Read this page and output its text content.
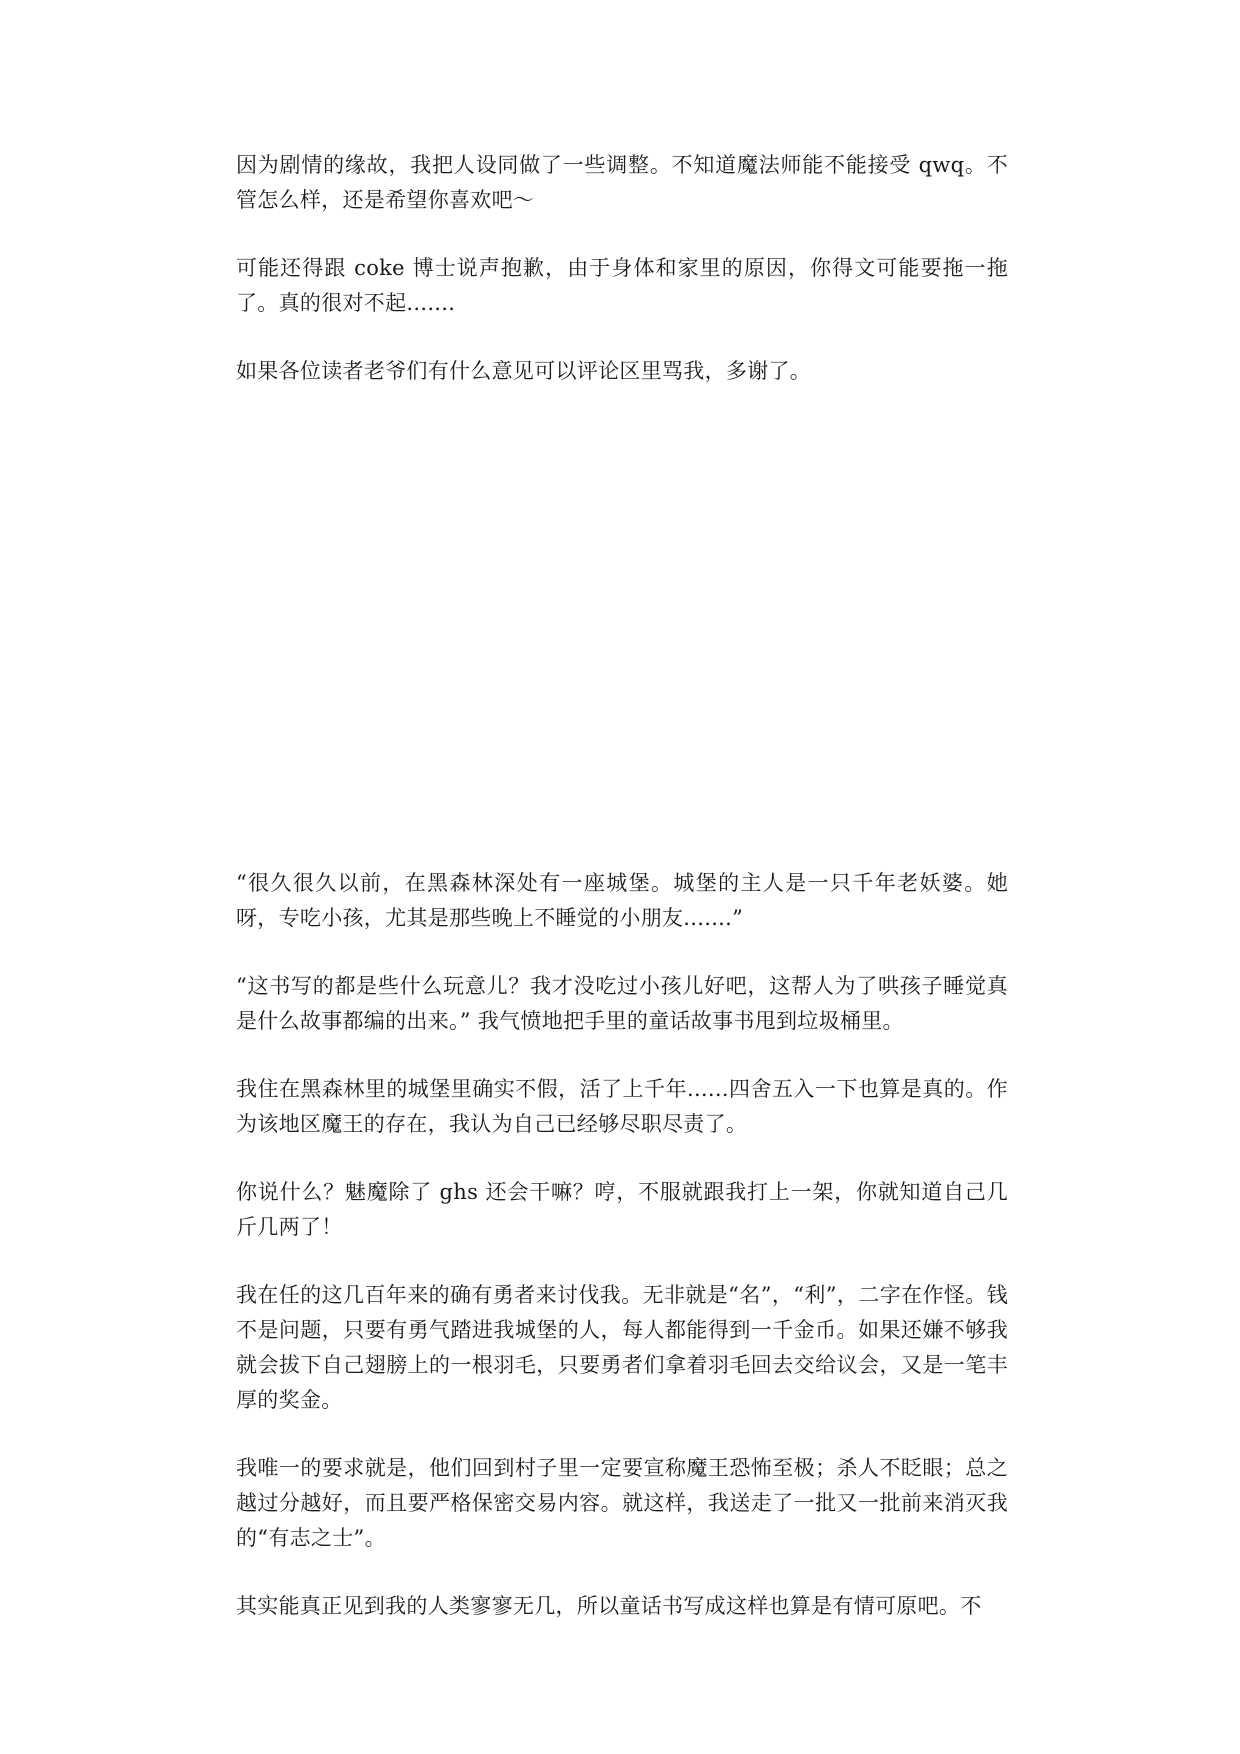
因为剧情的缘故，我把人设同做了一些调整。不知道魔法师能不能接受 qwq。不管怎么样，还是希望你喜欢吧～

可能还得跟 coke 博士说声抱歉，由于身体和家里的原因，你得文可能要拖一拖了。真的很对不起.......

如果各位读者老爷们有什么意见可以评论区里骂我，多谢了。

“很久很久以前，在黑森林深处有一座城堡。城堡的主人是一只千年老妖婆。她呀，专吃小孩，尤其是那些晚上不睡觉的小朋友.......”

“这书写的都是些什么玩意儿？我才没吃过小孩儿好吧，这帮人为了哄孩子睡觉真是什么故事都编的出来。” 我气愤地把手里的童话故事书甩到垃圾桶里。

我住在黑森林里的城堡里确实不假，活了上千年......四舍五入一下也算是真的。作为该地区魔王的存在，我认为自己已经够尽职尽责了。

你说什么？魅魔除了 ghs 还会干嘛？哼，不服就跟我打上一架，你就知道自己几斤几两了！

我在任的这几百年来的确有勇者来讨伐我。无非就是“名”，“利”，二字在作怪。钱不是问题，只要有勇气踏进我城堡的人，每人都能得到一千金币。如果还嫌不够我就会拔下自己翅膀上的一根羽毛，只要勇者们拿着羽毛回去交给议会，又是一笔丰厚的奖金。

我唯一的要求就是，他们回到村子里一定要宣称魔王恐怖至极；杀人不眨眼；总之越过分越好，而且要严格保密交易内容。就这样，我送走了一批又一批前来消灭我的“有志之士”。

其实能真正见到我的人类寥寥无几，所以童话书写成这样也算是有情可原吧。不
